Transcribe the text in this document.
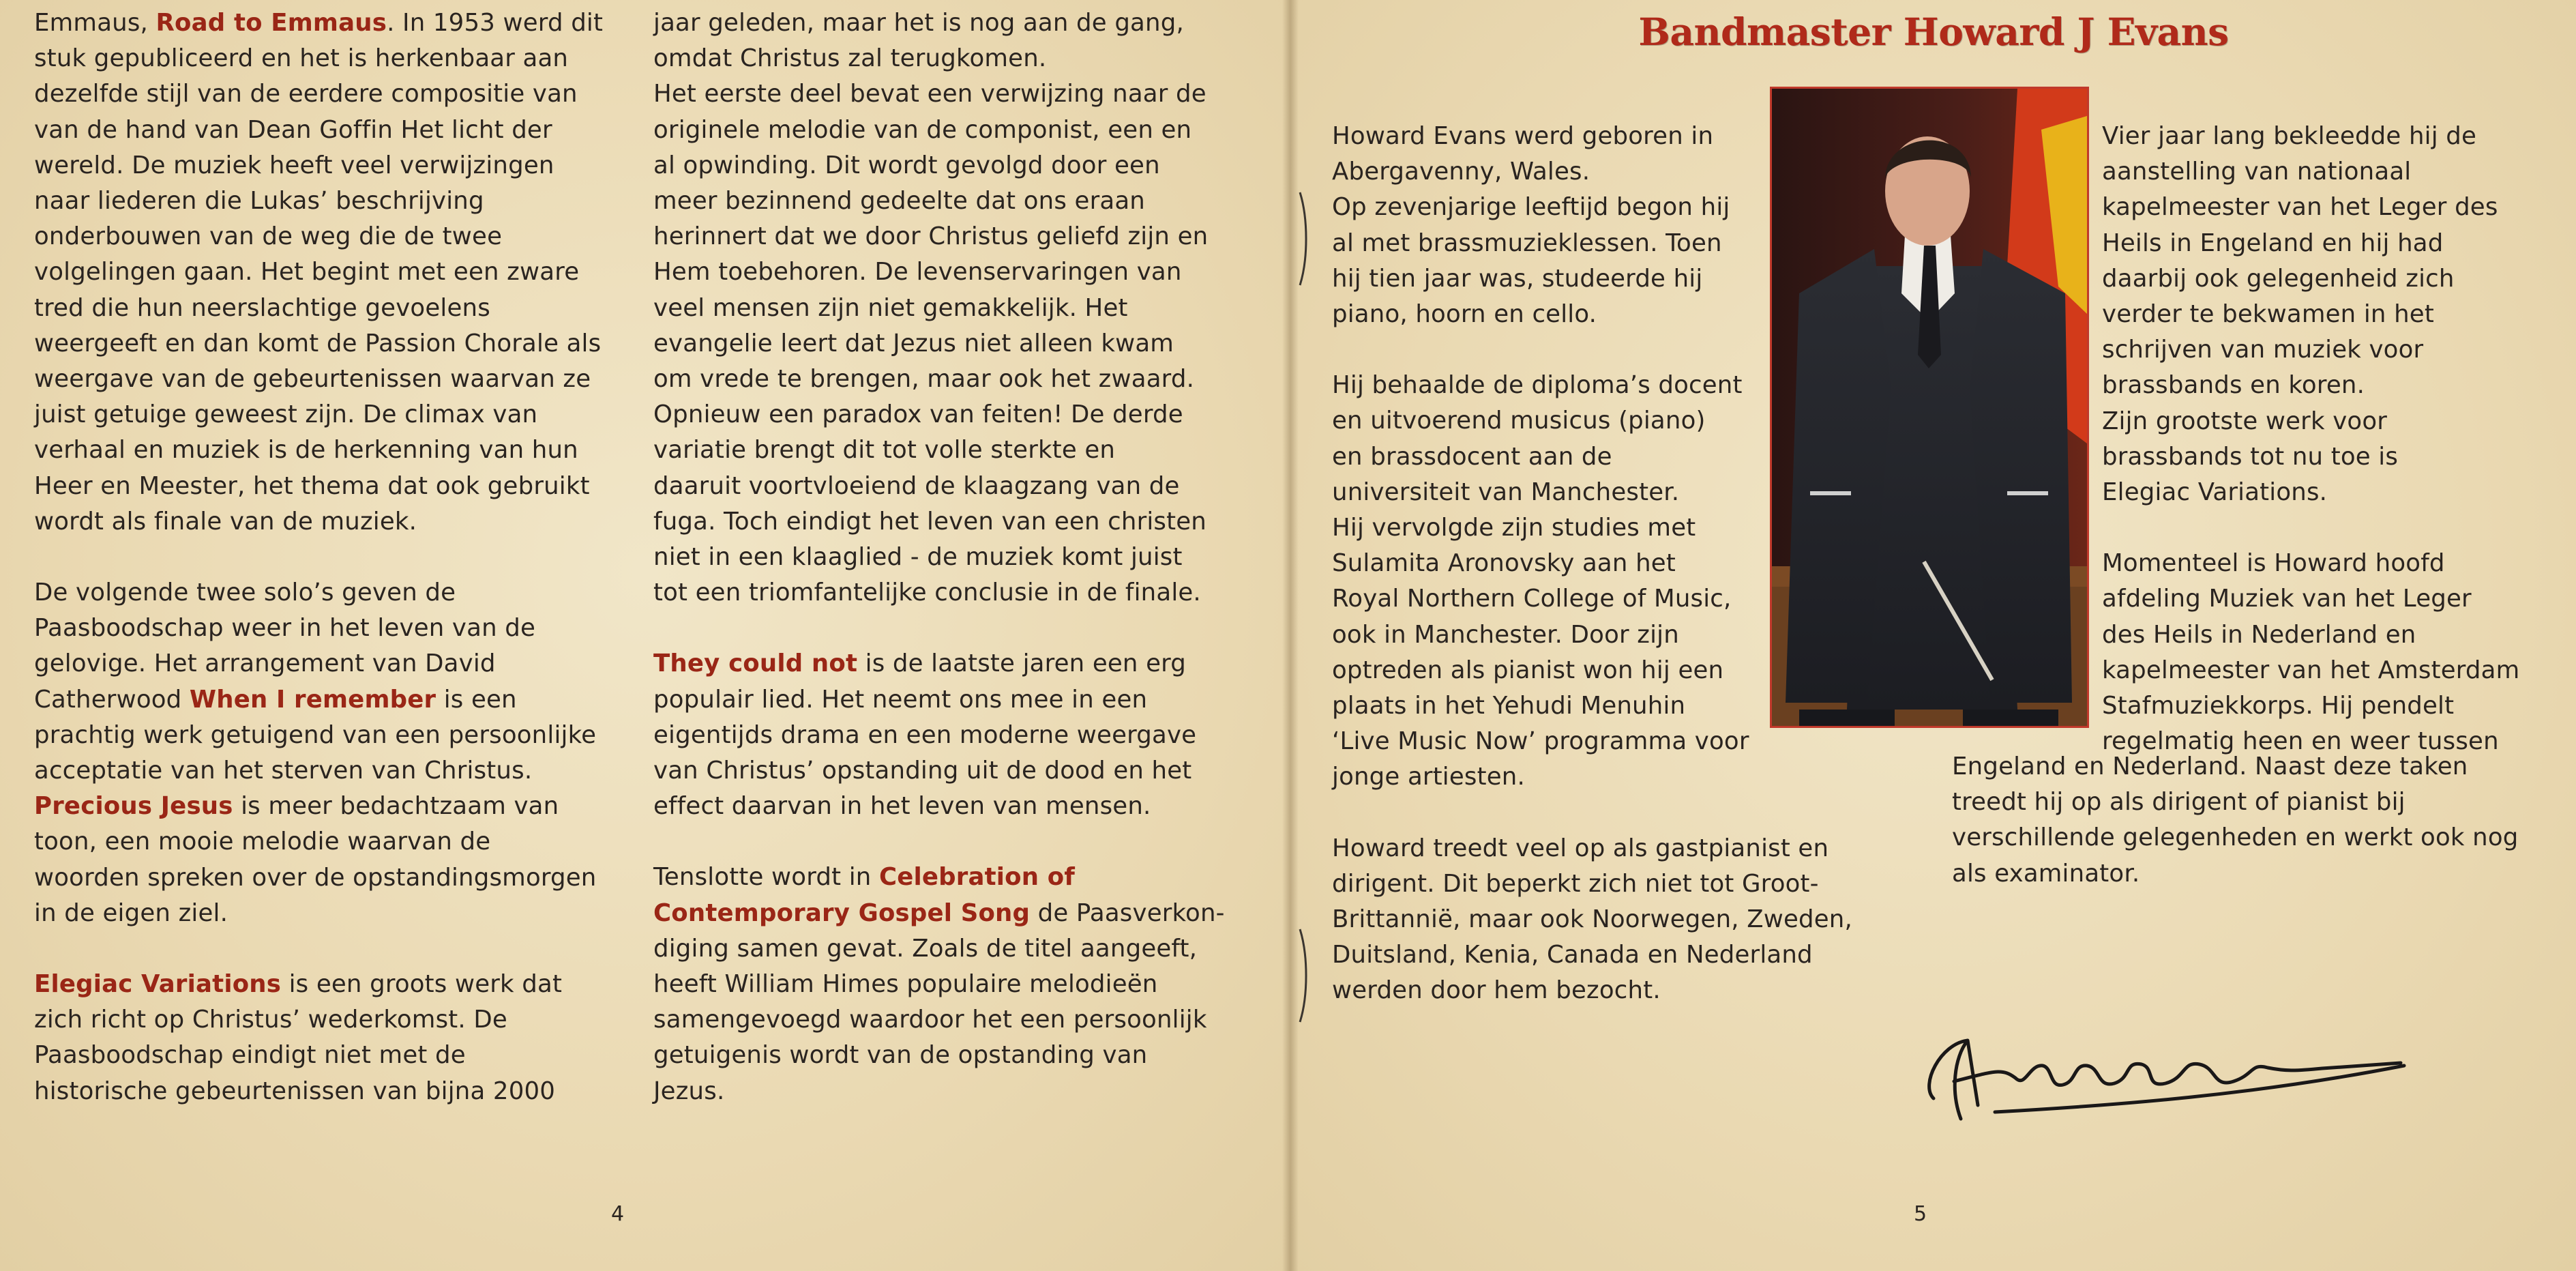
Emmaus, Road to Emmaus. In 1953 werd dit

stuk gepubliceerd en het is herkenbaar aan

dezelfde stijl van de eerdere compositie van

van de hand van Dean Goffin Het licht der

wereld. De muziek heeft veel verwijzingen

naar liederen die Lukas’ beschrijving

onderbouwen van de weg die de twee

volgelingen gaan. Het begint met een zware

tred die hun neerslachtige gevoelens

weergeeft en dan komt de Passion Chorale als

weergave van de gebeurtenissen waarvan ze

juist getuige geweest zijn. De climax van

verhaal en muziek is de herkenning van hun

Heer en Meester, het thema dat ook gebruikt

wordt als finale van de muziek.

De volgende twee solo’s geven de

Paasboodschap weer in het leven van de

gelovige. Het arrangement van David

Catherwood When I remember is een

prachtig werk getuigend van een persoonlijke

acceptatie van het sterven van Christus.

Precious Jesus is meer bedachtzaam van

toon, een mooie melodie waarvan de

woorden spreken over de opstandingsmorgen

in de eigen ziel.

Elegiac Variations is een groots werk dat

zich richt op Christus’ wederkomst. De

Paasboodschap eindigt niet met de

historische gebeurtenissen van bijna 2000

jaar geleden, maar het is nog aan de gang,

omdat Christus zal terugkomen.

Het eerste deel bevat een verwijzing naar de

originele melodie van de componist, een en

al opwinding. Dit wordt gevolgd door een

meer bezinnend gedeelte dat ons eraan

herinnert dat we door Christus geliefd zijn en

Hem toebehoren. De levenservaringen van

veel mensen zijn niet gemakkelijk. Het

evangelie leert dat Jezus niet alleen kwam

om vrede te brengen, maar ook het zwaard.

Opnieuw een paradox van feiten! De derde

variatie brengt dit tot volle sterkte en

daaruit voortvloeiend de klaagzang van de

fuga. Toch eindigt het leven van een christen

niet in een klaaglied - de muziek komt juist

tot een triomfantelijke conclusie in de finale.

They could not is de laatste jaren een erg

populair lied. Het neemt ons mee in een

eigentijds drama en een moderne weergave

van Christus’ opstanding uit de dood en het

effect daarvan in het leven van mensen.

Tenslotte wordt in Celebration of

Contemporary Gospel Song de Paasverkon-

diging samen gevat. Zoals de titel aangeeft,

heeft William Himes populaire melodieën

samengevoegd waardoor het een persoonlijk

getuigenis wordt van de opstanding van

Jezus.

4
Bandmaster Howard J Evans

Howard Evans werd geboren in

Abergavenny, Wales.

Op zevenjarige leeftijd begon hij

al met brassmuzieklessen. Toen

hij tien jaar was, studeerde hij

piano, hoorn en cello.

Hij behaalde de diploma’s docent

en uitvoerend musicus (piano)

en brassdocent aan de

universiteit van Manchester.

Hij vervolgde zijn studies met

Sulamita Aronovsky aan het

Royal Northern College of Music,

ook in Manchester. Door zijn

optreden als pianist won hij een

plaats in het Yehudi Menuhin

‘Live Music Now’ programma voor

jonge artiesten.

Howard treedt veel op als gastpianist en

dirigent. Dit beperkt zich niet tot Groot-

Brittannië, maar ook Noorwegen, Zweden,

Duitsland, Kenia, Canada en Nederland

werden door hem bezocht.

Vier jaar lang bekleedde hij de

aanstelling van nationaal

kapelmeester van het Leger des

Heils in Engeland en hij had

daarbij ook gelegenheid zich

verder te bekwamen in het

schrijven van muziek voor

brassbands en koren.

Zijn grootste werk voor

brassbands tot nu toe is

Elegiac Variations.

Momenteel is Howard hoofd

afdeling Muziek van het Leger

des Heils in Nederland en

kapelmeester van het Amsterdam

Stafmuziekkorps. Hij pendelt

regelmatig heen en weer tussen

Engeland en Nederland. Naast deze taken

treedt hij op als dirigent of pianist bij

verschillende gelegenheden en werkt ook nog

als examinator.

5
